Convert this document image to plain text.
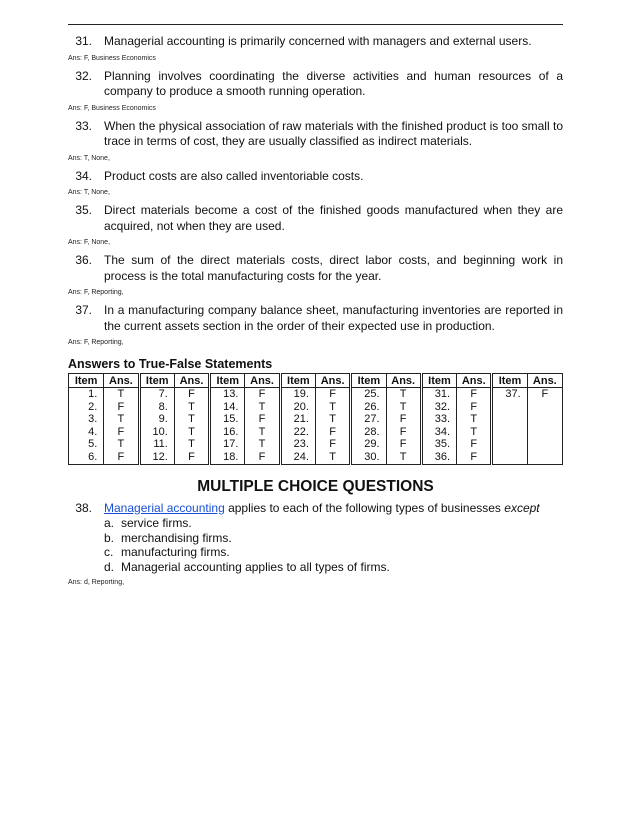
31.	Managerial accounting is primarily concerned with managers and external users.
Ans: F, Business Economics
32.	Planning involves coordinating the diverse activities and human resources of a company to produce a smooth running operation.
Ans: F, Business Economics
33.	When the physical association of raw materials with the finished product is too small to trace in terms of cost, they are usually classified as indirect materials.
Ans: T, None,
34.	Product costs are also called inventoriable costs.
Ans: T, None,
35.	Direct materials become a cost of the finished goods manufactured when they are acquired, not when they are used.
Ans: F, None,
36.	The sum of the direct materials costs, direct labor costs, and beginning work in process is the total manufacturing costs for the year.
Ans: F, Reporting,
37.	In a manufacturing company balance sheet, manufacturing inventories are reported in the current assets section in the order of their expected use in production.
Ans: F, Reporting,
Answers to True-False Statements
Item	Ans.	Item	Ans.	Item	Ans.	Item	Ans.	Item	Ans.	Item	Ans.	Item	Ans.
1.	T	7.	F	13.	F	19.	F	25.	T	31.	F	37.	F
2.	F	8.	T	14.	T	20.	T	26.	T	32.	F		
3.	T	9.	T	15.	F	21.	T	27.	F	33.	T		
4.	F	10.	T	16.	T	22.	F	28.	F	34.	T		
5.	T	11.	T	17.	T	23.	F	29.	F	35.	F		
6.	F	12.	F	18.	F	24.	T	30.	T	36.	F		
MULTIPLE CHOICE QUESTIONS
38.	Managerial accounting applies to each of the following types of businesses except
a. service firms.
b. merchandising firms.
c. manufacturing firms.
d. Managerial accounting applies to all types of firms.
Ans: d, Reporting,
